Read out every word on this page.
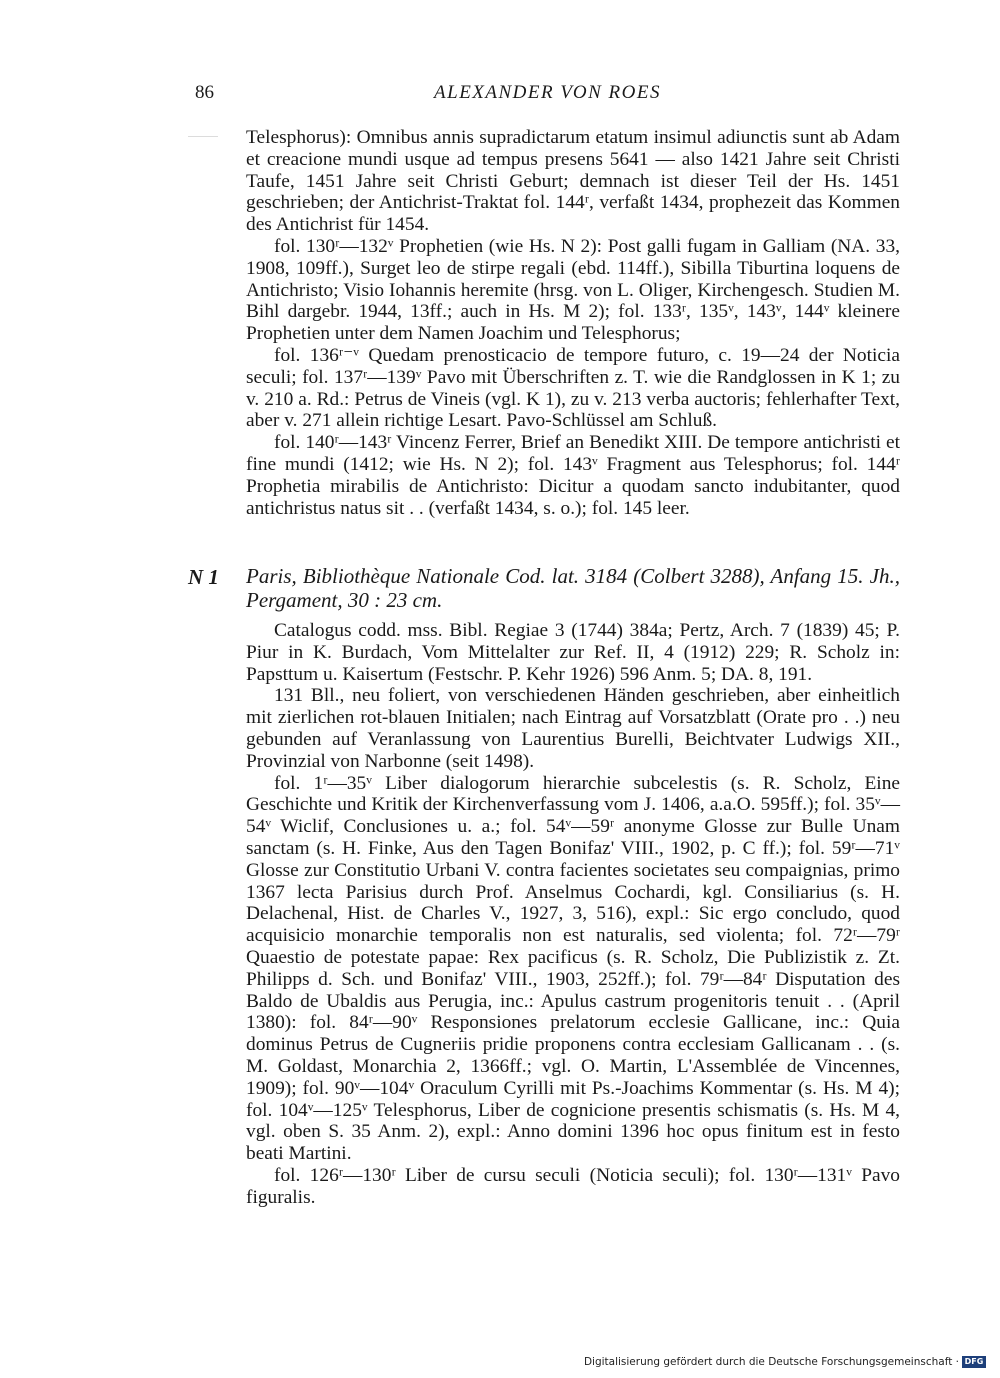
86	ALEXANDER VON ROES

Telesphorus): Omnibus annis supradictarum etatum insimul adiunctis sunt ab Adam et creacione mundi usque ad tempus presens 5641 — also 1421 Jahre seit Christi Taufe, 1451 Jahre seit Christi Geburt; demnach ist dieser Teil der Hs. 1451 geschrieben; der Antichrist-Traktat fol. 144ʳ, verfaßt 1434, prophezeit das Kommen des Antichrist für 1454.

fol. 130ʳ—132ᵛ Prophetien (wie Hs. N 2): Post galli fugam in Galliam (NA. 33, 1908, 109ff.), Surget leo de stirpe regali (ebd. 114ff.), Sibilla Tiburtina loquens de Antichristo; Visio Iohannis heremite (hrsg. von L. Oliger, Kirchengesch. Studien M. Bihl dargebr. 1944, 13ff.; auch in Hs. M 2); fol. 133ʳ, 135ᵛ, 143ᵛ, 144ᵛ kleinere Prophetien unter dem Namen Joachim und Telesphorus;

fol. 136ʳ⁻ᵛ Quedam prenosticacio de tempore futuro, c. 19—24 der Noticia seculi; fol. 137ʳ—139ᵛ Pavo mit Überschriften z. T. wie die Randglossen in K 1; zu v. 210 a. Rd.: Petrus de Vineis (vgl. K 1), zu v. 213 verba auctoris; fehlerhafter Text, aber v. 271 allein richtige Lesart. Pavo-Schlüssel am Schluß.

fol. 140ʳ—143ʳ Vincenz Ferrer, Brief an Benedikt XIII. De tempore antichristi et fine mundi (1412; wie Hs. N 2); fol. 143ᵛ Fragment aus Telesphorus; fol. 144ʳ Prophetia mirabilis de Antichristo: Dicitur a quodam sancto indubitanter, quod antichristus natus sit . . (verfaßt 1434, s. o.); fol. 145 leer.

N 1 Paris, Bibliothèque Nationale Cod. lat. 3184 (Colbert 3288), Anfang 15. Jh., Pergament, 30 : 23 cm.

Catalogus codd. mss. Bibl. Regiae 3 (1744) 384a; Pertz, Arch. 7 (1839) 45; P. Piur in K. Burdach, Vom Mittelalter zur Ref. II, 4 (1912) 229; R. Scholz in: Papsttum u. Kaisertum (Festschr. P. Kehr 1926) 596 Anm. 5; DA. 8, 191.

131 Bll., neu foliert, von verschiedenen Händen geschrieben, aber einheitlich mit zierlichen rot-blauen Initialen; nach Eintrag auf Vorsatzblatt (Orate pro . .) neu gebunden auf Veranlassung von Laurentius Burelli, Beichtvater Ludwigs XII., Provinzial von Narbonne (seit 1498).

fol. 1ʳ—35ᵛ Liber dialogorum hierarchie subcelestis (s. R. Scholz, Eine Geschichte und Kritik der Kirchenverfassung vom J. 1406, a.a.O. 595ff.); fol. 35ᵛ—54ᵛ Wiclif, Conclusiones u. a.; fol. 54ᵛ—59ʳ anonyme Glosse zur Bulle Unam sanctam (s. H. Finke, Aus den Tagen Bonifaz' VIII., 1902, p. C ff.); fol. 59ʳ—71ᵛ Glosse zur Constitutio Urbani V. contra facientes societates seu compaignias, primo 1367 lecta Parisius durch Prof. Anselmus Cochardi, kgl. Consiliarius (s. H. Delachenal, Hist. de Charles V., 1927, 3, 516), expl.: Sic ergo concludo, quod acquisicio monarchie temporalis non est naturalis, sed violenta; fol. 72ʳ—79ʳ Quaestio de potestate papae: Rex pacificus (s. R. Scholz, Die Publizistik z. Zt. Philipps d. Sch. und Bonifaz' VIII., 1903, 252ff.); fol. 79ʳ—84ʳ Disputation des Baldo de Ubaldis aus Perugia, inc.: Apulus castrum progenitoris tenuit . . (April 1380): fol. 84ʳ—90ᵛ Responsiones prelatorum ecclesie Gallicane, inc.: Quia dominus Petrus de Cugneriis pridie proponens contra ecclesiam Gallicanam . . (s. M. Goldast, Monarchia 2, 1366ff.; vgl. O. Martin, L'Assemblée de Vincennes, 1909); fol. 90ᵛ—104ᵛ Oraculum Cyrilli mit Ps.-Joachims Kommentar (s. Hs. M 4); fol. 104ᵛ—125ᵛ Telesphorus, Liber de cognicione presentis schismatis (s. Hs. M 4, vgl. oben S. 35 Anm. 2), expl.: Anno domini 1396 hoc opus finitum est in festo beati Martini.

fol. 126ʳ—130ʳ Liber de cursu seculi (Noticia seculi); fol. 130ʳ—131ᵛ Pavo figuralis.

Digitalisierung gefördert durch die Deutsche Forschungsgemeinschaft · DFG
